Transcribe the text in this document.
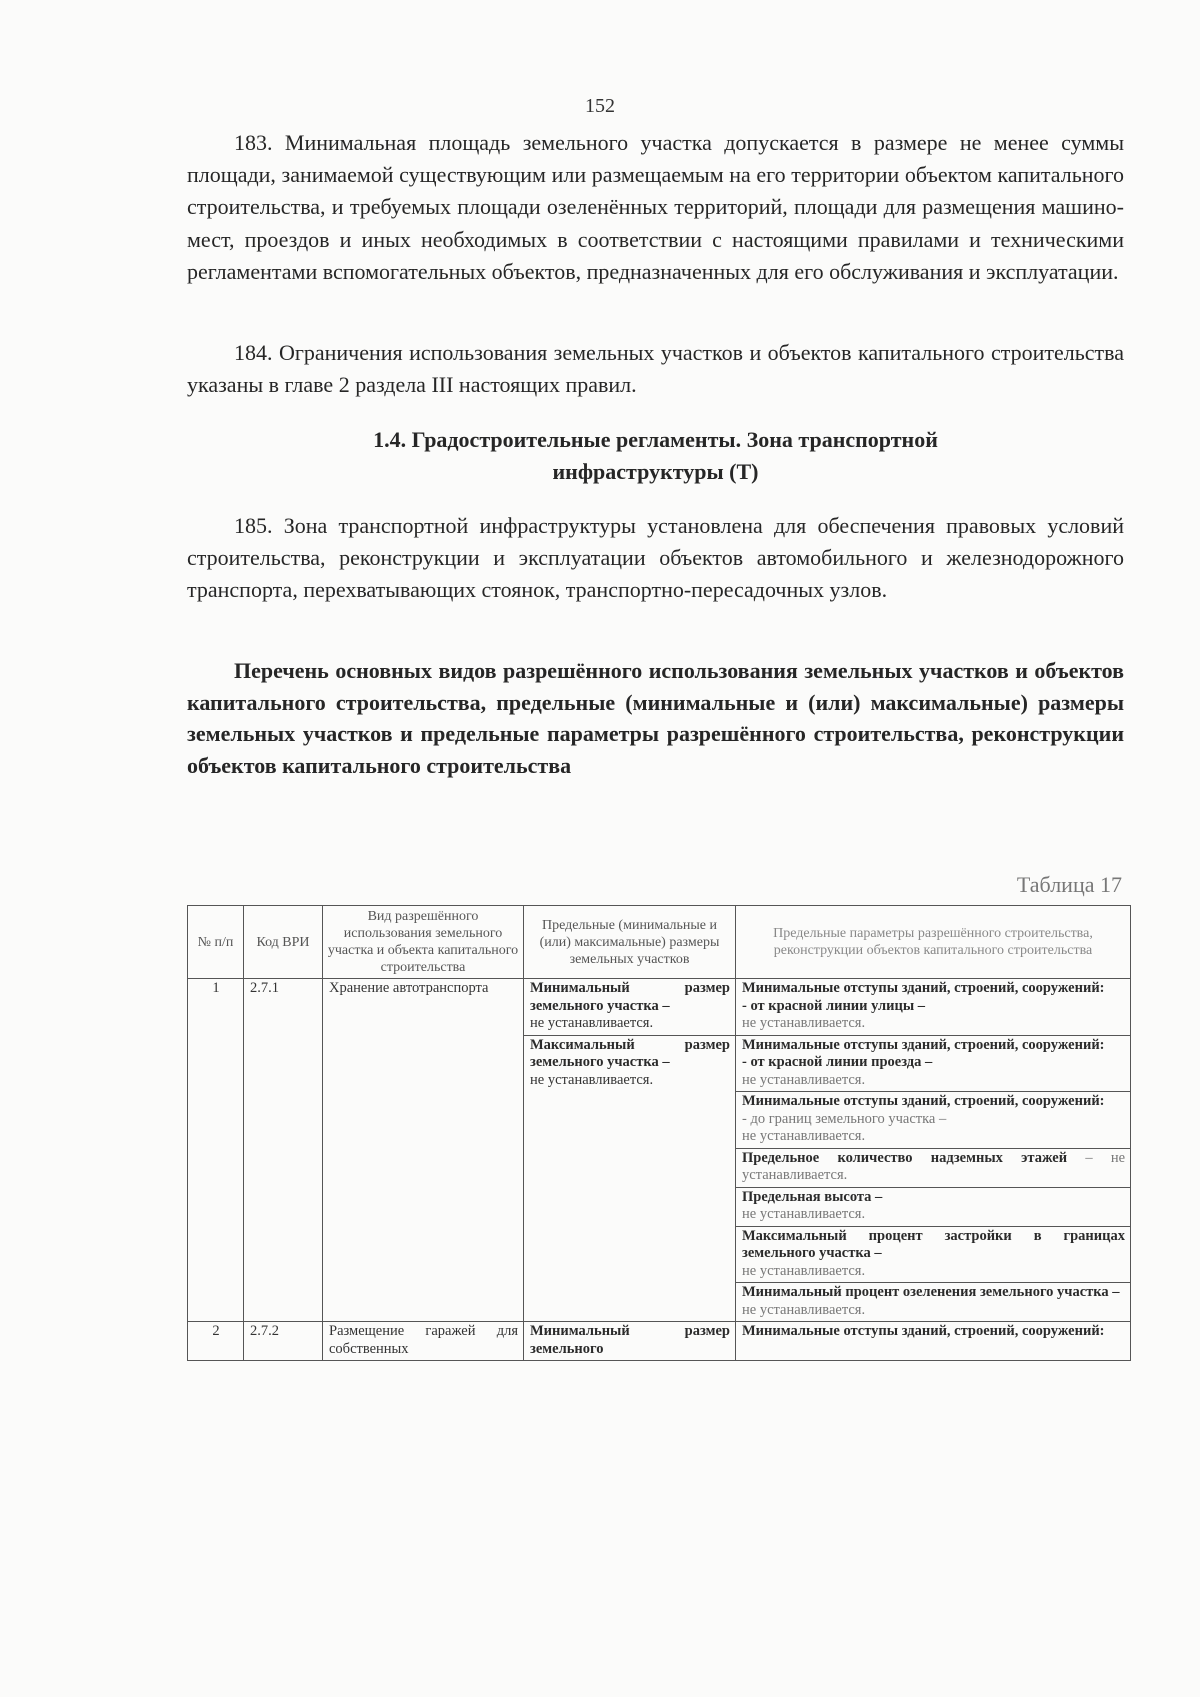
152
183. Минимальная площадь земельного участка допускается в размере не менее суммы площади, занимаемой существующим или размещаемым на его территории объектом капитального строительства, и требуемых площади озеленённых территорий, площади для размещения машино-мест, проездов и иных необходимых в соответствии с настоящими правилами и техническими регламентами вспомогательных объектов, предназначенных для его обслуживания и эксплуатации.
184. Ограничения использования земельных участков и объектов капитального строительства указаны в главе 2 раздела III настоящих правил.
1.4. Градостроительные регламенты. Зона транспортной
инфраструктуры (Т)
185. Зона транспортной инфраструктуры установлена для обеспечения правовых условий строительства, реконструкции и эксплуатации объектов автомобильного и железнодорожного транспорта, перехватывающих стоянок, транспортно-пересадочных узлов.
Перечень основных видов разрешённого использования земельных участков и объектов капитального строительства, предельные (минимальные и (или) максимальные) размеры земельных участков и предельные параметры разрешённого строительства, реконструкции объектов капитального строительства
Таблица 17
№ п/п	Код ВРИ	Вид разрешённого использования земельного участка и объекта капитального строительства	Предельные (минимальные и (или) максимальные) размеры земельных участков	Предельные параметры разрешённого строительства, реконструкции объектов капитального строительства
1	2.7.1	Хранение автотранспорта	Минимальный размер земельного участка –
не устанавливается.	Минимальные отступы зданий, строений, сооружений:
- от красной линии улицы –
не устанавливается.
			Максимальный размер земельного участка –
не устанавливается.	Минимальные отступы зданий, строений, сооружений:
- от красной линии проезда –
не устанавливается.
				Минимальные отступы зданий, строений, сооружений:
- до границ земельного участка –
не устанавливается.
				Предельное количество надземных этажей – не устанавливается.
				Предельная высота –
не устанавливается.
				Максимальный процент застройки в границах земельного участка –
не устанавливается.
				Минимальный процент озеленения земельного участка –
не устанавливается.
2	2.7.2	Размещение гаражей для собственных	Минимальный размер земельного	Минимальные отступы зданий, строений, сооружений:
